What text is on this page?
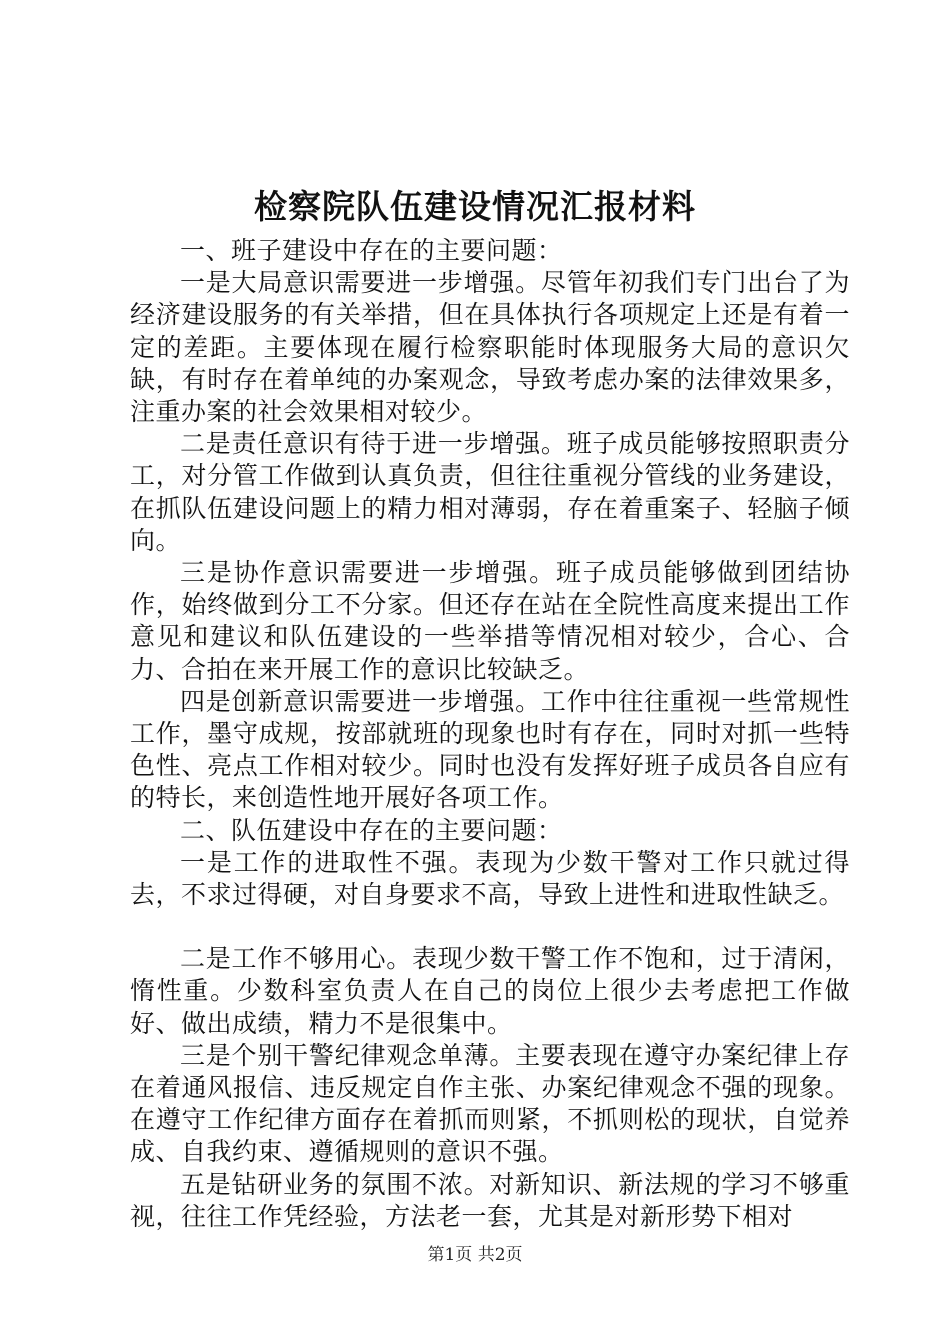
检察院队伍建设情况汇报材料

一、班子建设中存在的主要问题：

一是大局意识需要进一步增强。尽管年初我们专门出台了为经济建设服务的有关举措，但在具体执行各项规定上还是有着一定的差距。主要体现在履行检察职能时体现服务大局的意识欠缺，有时存在着单纯的办案观念，导致考虑办案的法律效果多，注重办案的社会效果相对较少。

二是责任意识有待于进一步增强。班子成员能够按照职责分工，对分管工作做到认真负责，但往往重视分管线的业务建设，在抓队伍建设问题上的精力相对薄弱，存在着重案子、轻脑子倾向。

三是协作意识需要进一步增强。班子成员能够做到团结协作，始终做到分工不分家。但还存在站在全院性高度来提出工作意见和建议和队伍建设的一些举措等情况相对较少，合心、合力、合拍在来开展工作的意识比较缺乏。

四是创新意识需要进一步增强。工作中往往重视一些常规性工作，墨守成规，按部就班的现象也时有存在，同时对抓一些特色性、亮点工作相对较少。同时也没有发挥好班子成员各自应有的特长，来创造性地开展好各项工作。

二、队伍建设中存在的主要问题：

一是工作的进取性不强。表现为少数干警对工作只就过得去，不求过得硬，对自身要求不高，导致上进性和进取性缺乏。

二是工作不够用心。表现少数干警工作不饱和，过于清闲，惰性重。少数科室负责人在自己的岗位上很少去考虑把工作做好、做出成绩，精力不是很集中。

三是个别干警纪律观念单薄。主要表现在遵守办案纪律上存在着通风报信、违反规定自作主张、办案纪律观念不强的现象。在遵守工作纪律方面存在着抓而则紧，不抓则松的现状，自觉养成、自我约束、遵循规则的意识不强。

五是钻研业务的氛围不浓。对新知识、新法规的学习不够重视，往往工作凭经验，方法老一套，尤其是对新形势下相对

第1页 共2页
